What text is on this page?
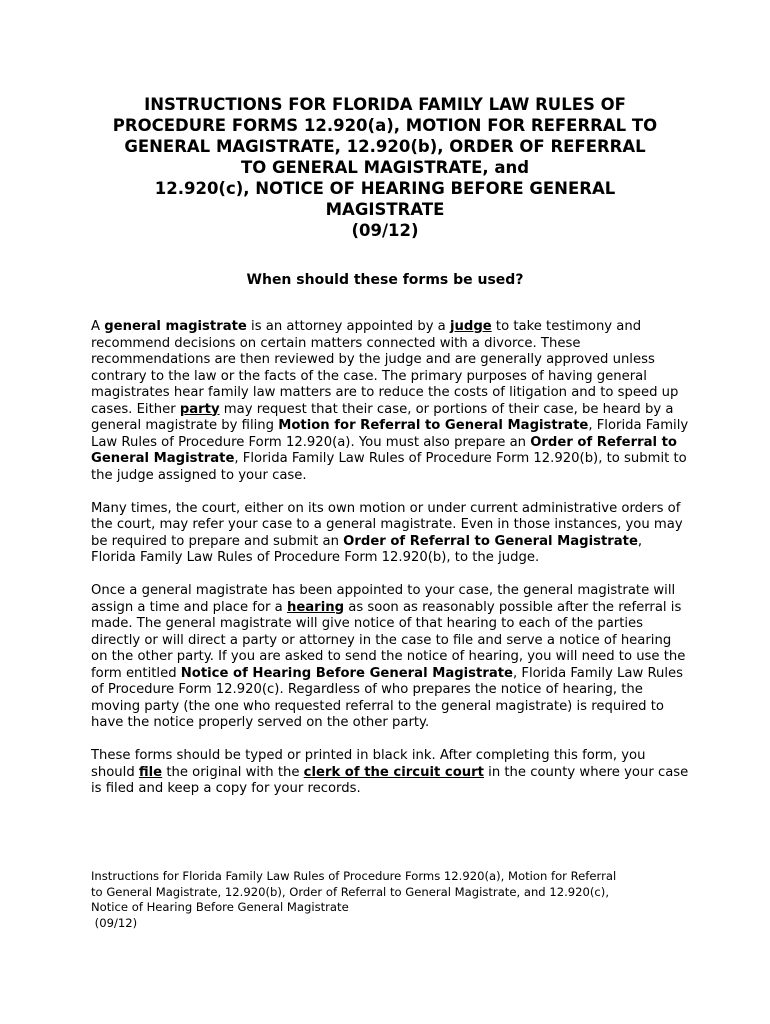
INSTRUCTIONS FOR FLORIDA FAMILY LAW RULES OF
PROCEDURE FORMS 12.920(a), MOTION FOR REFERRAL TO
GENERAL MAGISTRATE, 12.920(b), ORDER OF REFERRAL
TO GENERAL MAGISTRATE, and
12.920(c), NOTICE OF HEARING BEFORE GENERAL
MAGISTRATE
(09/12)
When should these forms be used?

A general magistrate is an attorney appointed by a judge to take testimony and recommend decisions on certain matters connected with a divorce. These recommendations are then reviewed by the judge and are generally approved unless contrary to the law or the facts of the case. The primary purposes of having general magistrates hear family law matters are to reduce the costs of litigation and to speed up cases. Either party may request that their case, or portions of their case, be heard by a general magistrate by filing Motion for Referral to General Magistrate, Florida Family Law Rules of Procedure Form 12.920(a). You must also prepare an Order of Referral to General Magistrate, Florida Family Law Rules of Procedure Form 12.920(b), to submit to the judge assigned to your case.

Many times, the court, either on its own motion or under current administrative orders of the court, may refer your case to a general magistrate. Even in those instances, you may be required to prepare and submit an Order of Referral to General Magistrate, Florida Family Law Rules of Procedure Form 12.920(b), to the judge.

Once a general magistrate has been appointed to your case, the general magistrate will assign a time and place for a hearing as soon as reasonably possible after the referral is made. The general magistrate will give notice of that hearing to each of the parties directly or will direct a party or attorney in the case to file and serve a notice of hearing on the other party. If you are asked to send the notice of hearing, you will need to use the form entitled Notice of Hearing Before General Magistrate, Florida Family Law Rules of Procedure Form 12.920(c). Regardless of who prepares the notice of hearing, the moving party (the one who requested referral to the general magistrate) is required to have the notice properly served on the other party.

These forms should be typed or printed in black ink. After completing this form, you should file the original with the clerk of the circuit court in the county where your case is filed and keep a copy for your records.

Instructions for Florida Family Law Rules of Procedure Forms 12.920(a), Motion for Referral
to General Magistrate, 12.920(b), Order of Referral to General Magistrate, and 12.920(c),
Notice of Hearing Before General Magistrate
(09/12)
